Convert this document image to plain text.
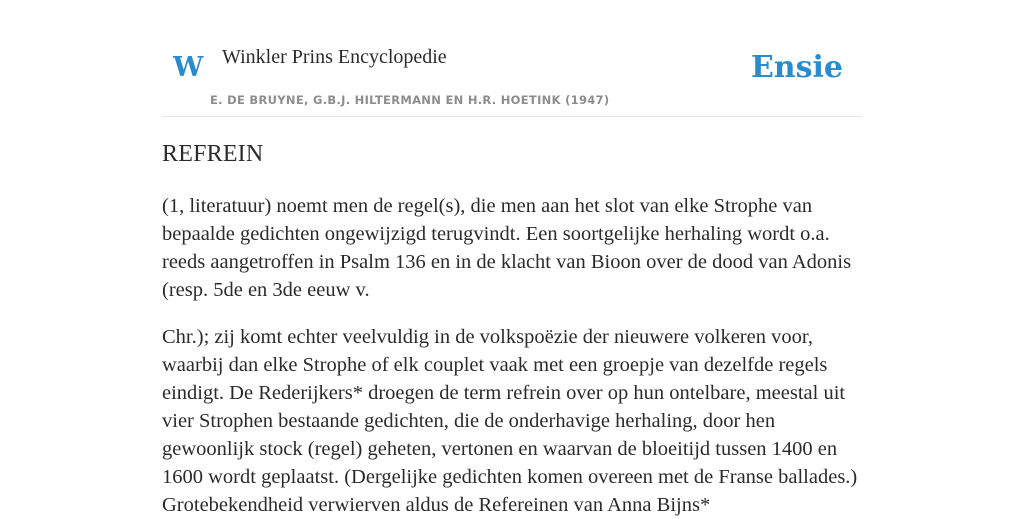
W Winkler Prins Encyclopedie
E. DE BRUYNE, G.B.J. HILTERMANN EN H.R. HOETINK (1947)
Ensie
REFREIN

(1, literatuur) noemt men de regel(s), die men aan het slot van elke Strophe van bepaalde gedichten ongewijzigd terugvindt. Een soortgelijke herhaling wordt o.a. reeds aangetroffen in Psalm 136 en in de klacht van Bioon over de dood van Adonis (resp. 5de en 3de eeuw v.

Chr.); zij komt echter veelvuldig in de volkspoëzie der nieuwere volkeren voor, waarbij dan elke Strophe of elk couplet vaak met een groepje van dezelfde regels eindigt. De Rederijkers* droegen de term refrein over op hun ontelbare, meestal uit vier Strophen bestaande gedichten, die de onderhavige herhaling, door hen gewoonlijk stock (regel) geheten, vertonen en waarvan de bloeitijd tussen 1400 en 1600 wordt geplaatst. (Dergelijke gedichten komen overeen met de Franse ballades.) Grotebekendheid verwierven aldus de Refereinen van Anna Bijns*
